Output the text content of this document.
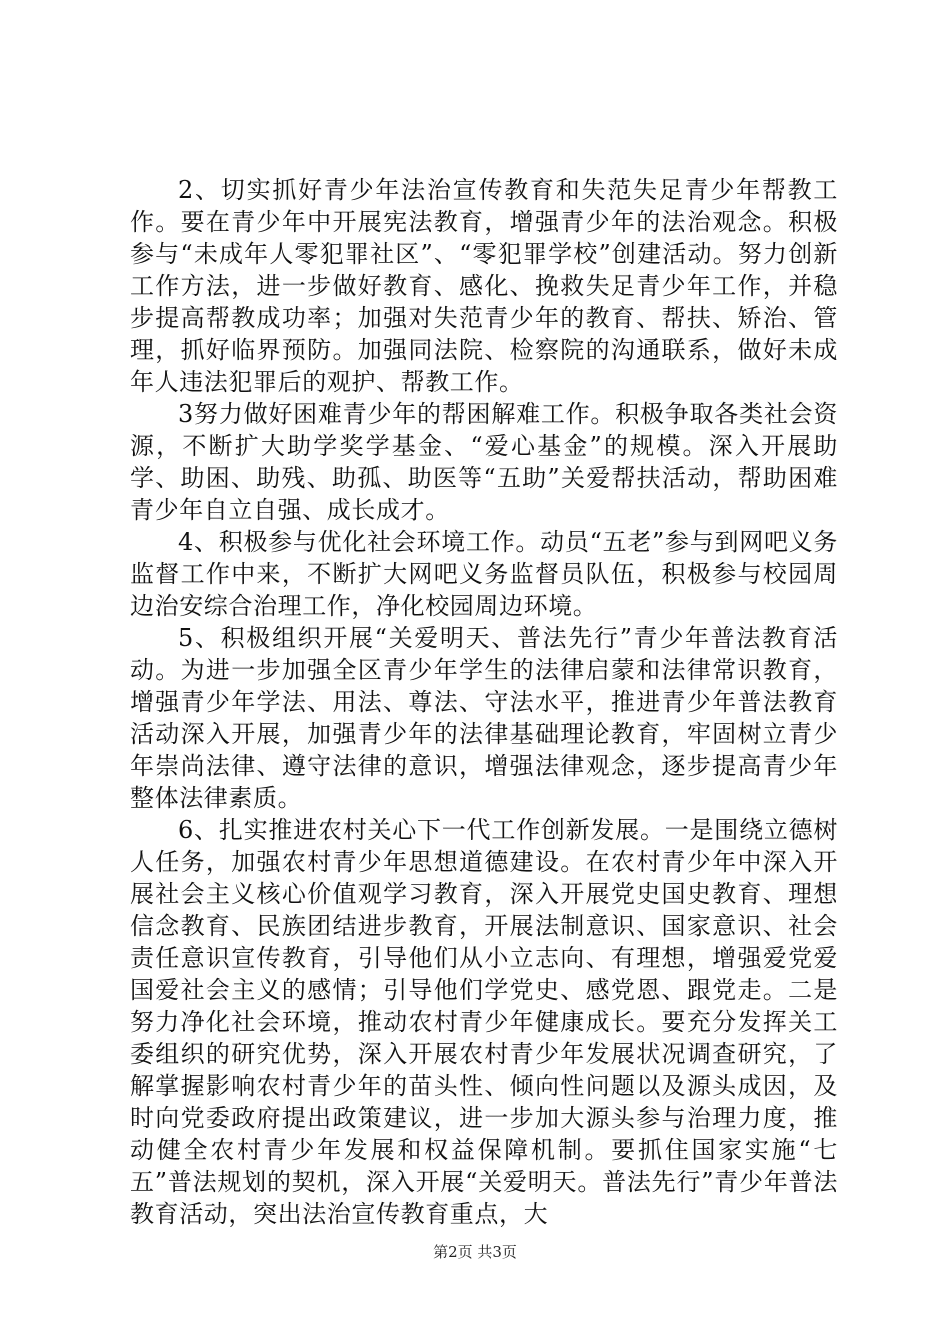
2、切实抓好青少年法治宣传教育和失范失足青少年帮教工作。要在青少年中开展宪法教育，增强青少年的法治观念。积极参与“未成年人零犯罪社区”、“零犯罪学校”创建活动。努力创新工作方法，进一步做好教育、感化、挽救失足青少年工作，并稳步提高帮教成功率；加强对失范青少年的教育、帮扶、矫治、管理，抓好临界预防。加强同法院、检察院的沟通联系，做好未成年人违法犯罪后的观护、帮教工作。

3努力做好困难青少年的帮困解难工作。积极争取各类社会资源，不断扩大助学奖学基金、“爱心基金”的规模。深入开展助学、助困、助残、助孤、助医等“五助”关爱帮扶活动，帮助困难青少年自立自强、成长成才。

4、积极参与优化社会环境工作。动员“五老”参与到网吧义务监督工作中来，不断扩大网吧义务监督员队伍，积极参与校园周边治安综合治理工作，净化校园周边环境。

5、积极组织开展“关爱明天、普法先行”青少年普法教育活动。为进一步加强全区青少年学生的法律启蒙和法律常识教育，增强青少年学法、用法、尊法、守法水平，推进青少年普法教育活动深入开展，加强青少年的法律基础理论教育，牢固树立青少年崇尚法律、遵守法律的意识，增强法律观念，逐步提高青少年整体法律素质。

6、扎实推进农村关心下一代工作创新发展。一是围绕立德树人任务，加强农村青少年思想道德建设。在农村青少年中深入开展社会主义核心价值观学习教育，深入开展党史国史教育、理想信念教育、民族团结进步教育，开展法制意识、国家意识、社会责任意识宣传教育，引导他们从小立志向、有理想，增强爱党爱国爱社会主义的感情；引导他们学党史、感党恩、跟党走。二是努力净化社会环境，推动农村青少年健康成长。要充分发挥关工委组织的研究优势，深入开展农村青少年发展状况调查研究，了解掌握影响农村青少年的苗头性、倾向性问题以及源头成因，及时向党委政府提出政策建议，进一步加大源头参与治理力度，推动健全农村青少年发展和权益保障机制。要抓住国家实施“七五”普法规划的契机，深入开展“关爱明天。普法先行”青少年普法教育活动，突出法治宣传教育重点，大

第2页 共3页
